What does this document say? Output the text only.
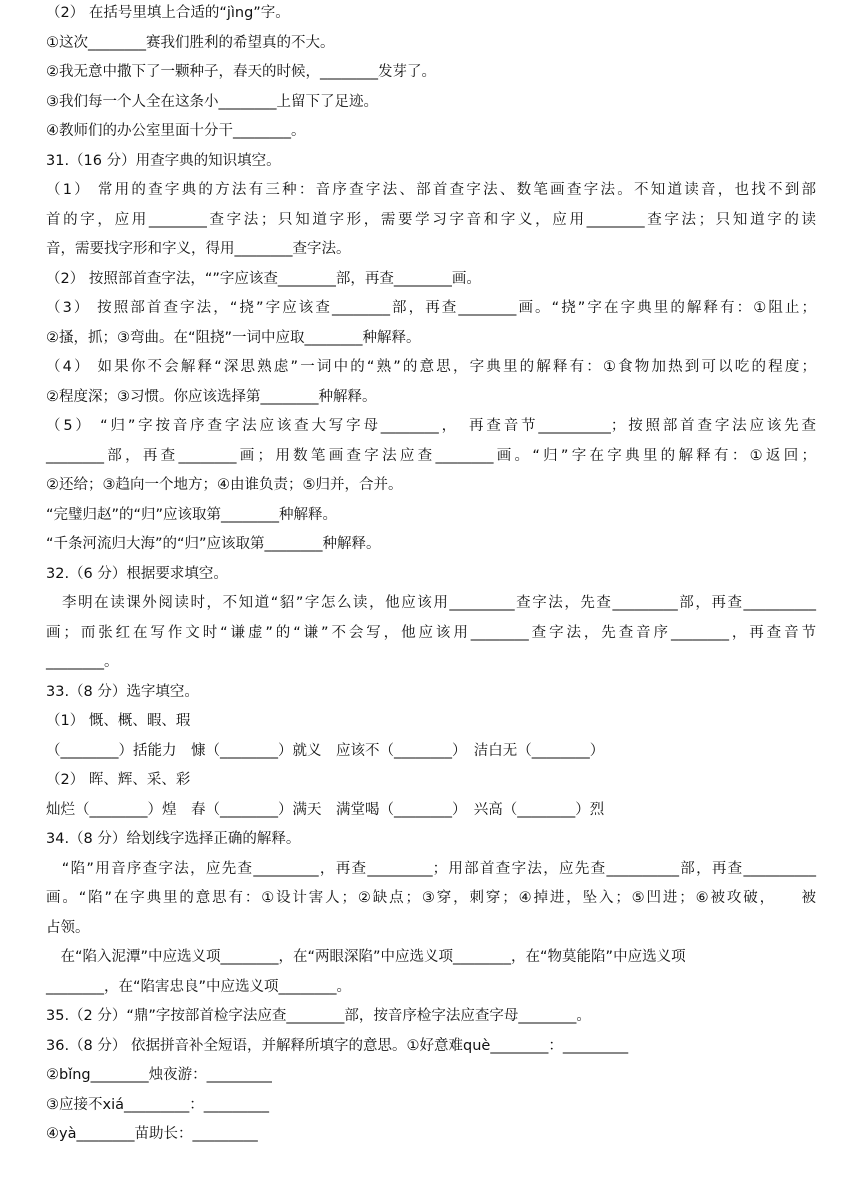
（2） 在括号里填上合适的“jìng”字。
①这次________赛我们胜利的希望真的不大。
②我无意中撒下了一颗种子，春天的时候，________发芽了。
③我们每一个人全在这条小________上留下了足迹。
④教师们的办公室里面十分干________。
31.（16 分）用查字典的知识填空。
（1） 常用的查字典的方法有三种：音序查字法、部首查字法、数笔画查字法。不知道读音，也找不到部
首的字，应用________查字法；只知道字形，需要学习字音和字义，应用________查字法；只知道字的读
音，需要找字形和字义，得用________查字法。
（2） 按照部首查字法，“”字应该查________部，再查________画。
（3） 按照部首查字法，“挠”字应该查________部，再查________画。“挠”字在字典里的解释有：①阻止；
②搔，抓；③弯曲。在“阻挠”一词中应取________种解释。
（4） 如果你不会解释“深思熟虑”一词中的“熟”的意思，字典里的解释有：①食物加热到可以吃的程度；
②程度深；③习惯。你应该选择第________种解释。
（5） “归”字按音序查字法应该查大写字母________，　再查音节__________；按照部首查字法应该先查
________部，再查________画；用数笔画查字法应查________画。“归”字在字典里的解释有：①返回；
②还给；③趋向一个地方；④由谁负责；⑤归并，合并。
“完璧归赵”的“归”应该取第________种解释。
“千条河流归大海”的“归”应该取第________种解释。
32.（6 分）根据要求填空。
　李明在读课外阅读时，不知道“貂”字怎么读，他应该用_________查字法，先查_________部，再查__________
画；而张红在写作文时“谦虚”的“谦”不会写，他应该用________查字法，先查音序________，再查音节
________。
33.（8 分）选字填空。
（1） 慨、概、暇、瑕
（________）括能力　慷（________）就义　应该不（________）　洁白无（________）
（2） 晖、辉、采、彩
灿烂（________）煌　春（________）满天　满堂喝（________）　兴高（________）烈
34.（8 分）给划线字选择正确的解释。
　“陷”用音序查字法，应先查_________，再查_________；用部首查字法，应先查__________部，再查__________
画。“陷”在字典里的意思有：①设计害人；②缺点；③穿，刺穿；④掉进，坠入；⑤凹进；⑥被攻破，　　被
占领。
　在“陷入泥潭”中应选义项________，在“两眼深陷”中应选义项________，在“物莫能陷”中应选义项
________，在“陷害忠良”中应选义项________。
35.（2 分）“鼎”字按部首检字法应查________部，按音序检字法应查字母________。
36.（8 分） 依据拼音补全短语，并解释所填字的意思。①好意难què________：_________
②bǐng________烛夜游：_________
③应接不xiá_________：_________
④yà________苗助长：_________
